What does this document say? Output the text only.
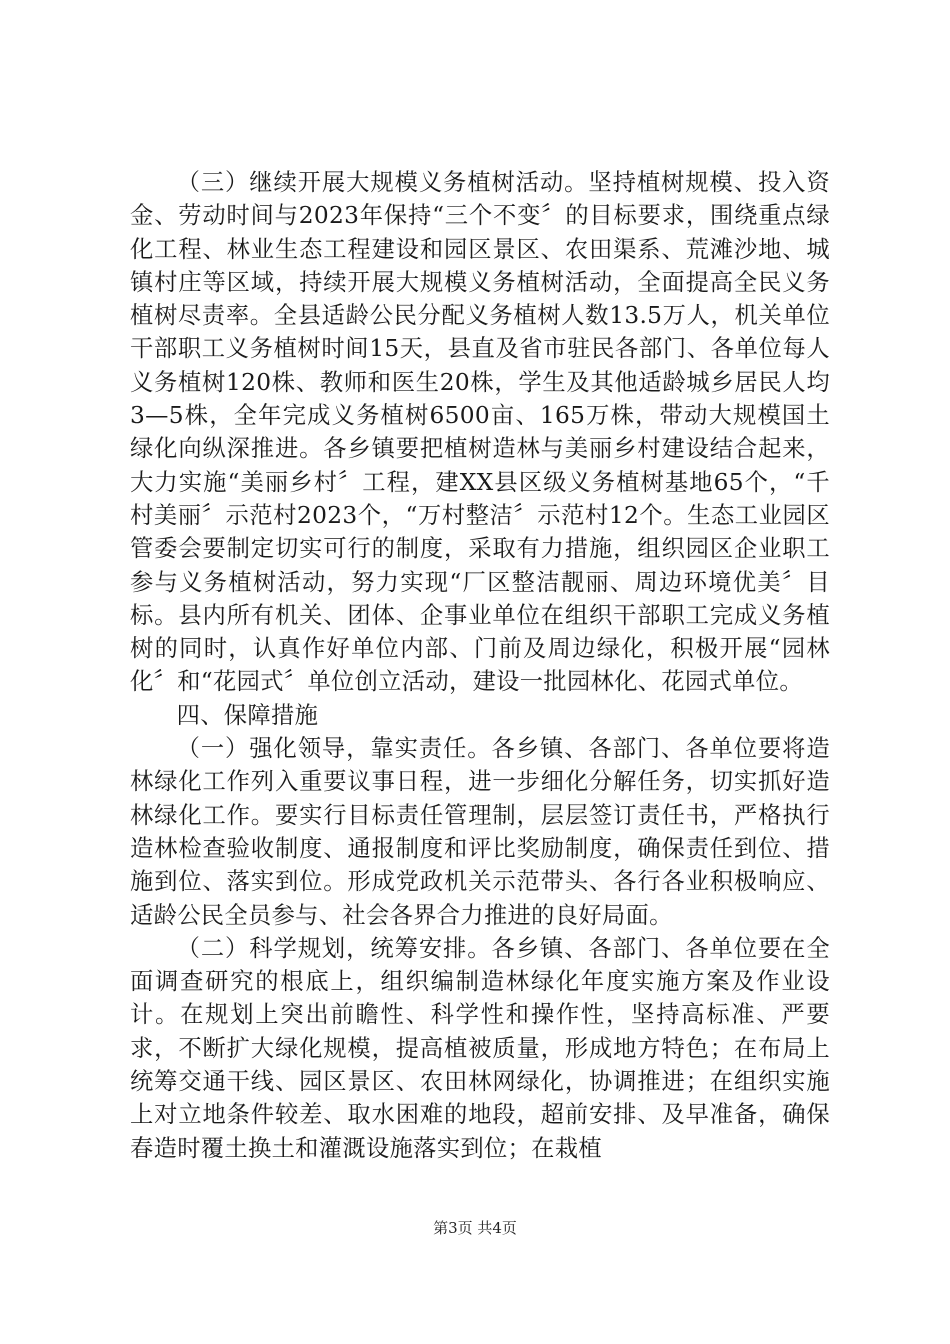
（三）继续开展大规模义务植树活动。坚持植树规模、投入资金、劳动时间与2023年保持“三个不变〞的目标要求，围绕重点绿化工程、林业生态工程建设和园区景区、农田渠系、荒滩沙地、城镇村庄等区域，持续开展大规模义务植树活动，全面提高全民义务植树尽责率。全县适龄公民分配义务植树人数13.5万人，机关单位干部职工义务植树时间15天，县直及省市驻民各部门、各单位每人义务植树120株、教师和医生20株，学生及其他适龄城乡居民人均3—5株，全年完成义务植树6500亩、165万株，带动大规模国土绿化向纵深推进。各乡镇要把植树造林与美丽乡村建设结合起来，大力实施“美丽乡村〞工程，建XX县区级义务植树基地65个，“千村美丽〞示范村2023个，“万村整洁〞示范村12个。生态工业园区管委会要制定切实可行的制度，采取有力措施，组织园区企业职工参与义务植树活动，努力实现“厂区整洁靓丽、周边环境优美〞目标。县内所有机关、团体、企事业单位在组织干部职工完成义务植树的同时，认真作好单位内部、门前及周边绿化，积极开展“园林化〞和“花园式〞单位创立活动，建设一批园林化、花园式单位。

四、保障措施

（一）强化领导，靠实责任。各乡镇、各部门、各单位要将造林绿化工作列入重要议事日程，进一步细化分解任务，切实抓好造林绿化工作。要实行目标责任管理制，层层签订责任书，严格执行造林检查验收制度、通报制度和评比奖励制度，确保责任到位、措施到位、落实到位。形成党政机关示范带头、各行各业积极响应、适龄公民全员参与、社会各界合力推进的良好局面。

（二）科学规划，统筹安排。各乡镇、各部门、各单位要在全面调查研究的根底上，组织编制造林绿化年度实施方案及作业设计。在规划上突出前瞻性、科学性和操作性，坚持高标准、严要求，不断扩大绿化规模，提高植被质量，形成地方特色；在布局上统筹交通干线、园区景区、农田林网绿化，协调推进；在组织实施上对立地条件较差、取水困难的地段，超前安排、及早准备，确保春造时覆土换土和灌溉设施落实到位；在栽植

第3页 共4页
